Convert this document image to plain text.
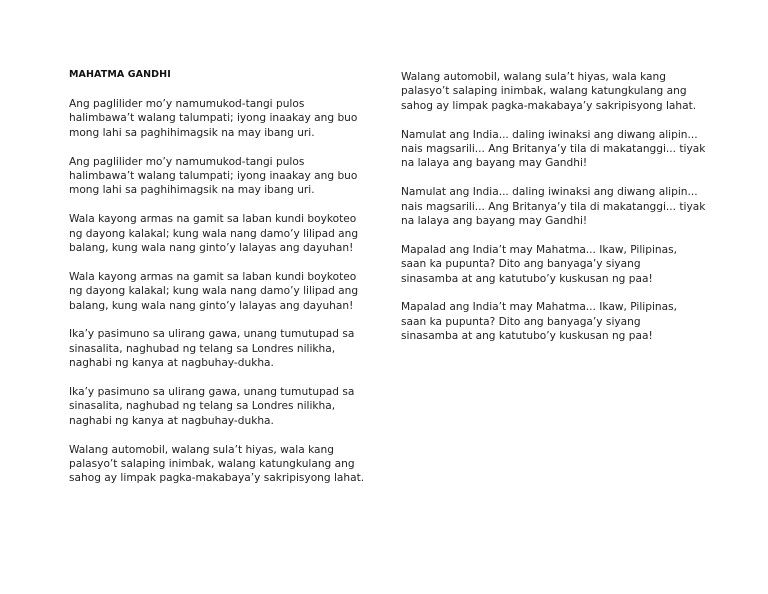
MAHATMA GANDHI
Ang paglilider mo’y namumukod-tangi pulos
halimbawa’t walang talumpati; iyong inaakay ang buo
mong lahi sa paghihimagsik na may ibang uri.
Ang paglilider mo’y namumukod-tangi pulos
halimbawa’t walang talumpati; iyong inaakay ang buo
mong lahi sa paghihimagsik na may ibang uri.
Wala kayong armas na gamit sa laban kundi boykoteo
ng dayong kalakal; kung wala nang damo’y lilipad ang
balang, kung wala nang ginto’y lalayas ang dayuhan!
Wala kayong armas na gamit sa laban kundi boykoteo
ng dayong kalakal; kung wala nang damo’y lilipad ang
balang, kung wala nang ginto’y lalayas ang dayuhan!
Ika’y pasimuno sa ulirang gawa, unang tumutupad sa
sinasalita, naghubad ng telang sa Londres nilikha,
naghabi ng kanya at nagbuhay-dukha.
Ika’y pasimuno sa ulirang gawa, unang tumutupad sa
sinasalita, naghubad ng telang sa Londres nilikha,
naghabi ng kanya at nagbuhay-dukha.
Walang automobil, walang sula’t hiyas, wala kang
palasyo’t salaping inimbak, walang katungkulang ang
sahog ay limpak pagka-makabaya’y sakripisyong lahat.
Walang automobil, walang sula’t hiyas, wala kang
palasyo’t salaping inimbak, walang katungkulang ang
sahog ay limpak pagka-makabaya’y sakripisyong lahat.
Namulat ang India... daling iwinaksi ang diwang alipin...
nais magsarili... Ang Britanya’y tila di makatanggi... tiyak
na lalaya ang bayang may Gandhi!
Namulat ang India... daling iwinaksi ang diwang alipin...
nais magsarili... Ang Britanya’y tila di makatanggi... tiyak
na lalaya ang bayang may Gandhi!
Mapalad ang India’t may Mahatma... Ikaw, Pilipinas,
saan ka pupunta? Dito ang banyaga’y siyang
sinasamba at ang katutubo’y kuskusan ng paa!
Mapalad ang India’t may Mahatma... Ikaw, Pilipinas,
saan ka pupunta? Dito ang banyaga’y siyang
sinasamba at ang katutubo’y kuskusan ng paa!
